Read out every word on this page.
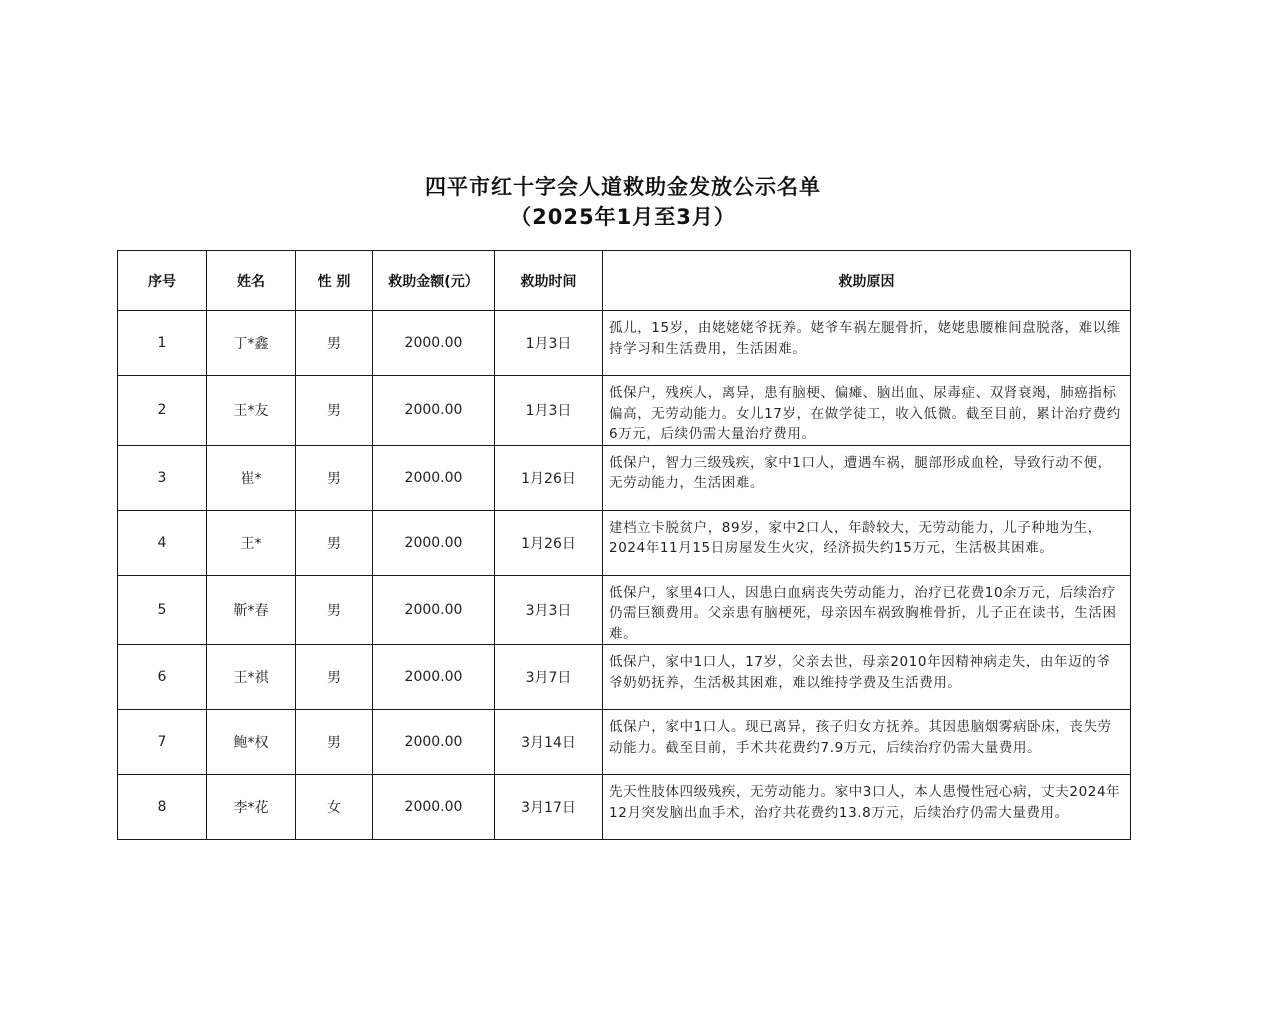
四平市红十字会人道救助金发放公示名单
（2025年1月至3月）
序号	姓名	性 别	救助金额(元）	救助时间	救助原因
1	丁*鑫	男	2000.00	1月3日	孤儿，15岁，由姥姥姥爷抚养。姥爷车祸左腿骨折，姥姥患腰椎间盘脱落，难以维持学习和生活费用，生活困难。
2	王*友	男	2000.00	1月3日	低保户，残疾人，离异，患有脑梗、偏瘫、脑出血、尿毒症、双肾衰竭，肺癌指标偏高，无劳动能力。女儿17岁，在做学徒工，收入低微。截至目前，累计治疗费约6万元，后续仍需大量治疗费用。
3	崔*	男	2000.00	1月26日	低保户，智力三级残疾，家中1口人，遭遇车祸，腿部形成血栓，导致行动不便，无劳动能力，生活困难。
4	王*	男	2000.00	1月26日	建档立卡脱贫户，89岁，家中2口人，年龄较大，无劳动能力，儿子种地为生，2024年11月15日房屋发生火灾，经济损失约15万元，生活极其困难。
5	靳*春	男	2000.00	3月3日	低保户，家里4口人，因患白血病丧失劳动能力，治疗已花费10余万元，后续治疗仍需巨额费用。父亲患有脑梗死，母亲因车祸致胸椎骨折，儿子正在读书，生活困难。
6	王*祺	男	2000.00	3月7日	低保户，家中1口人，17岁，父亲去世，母亲2010年因精神病走失，由年迈的爷爷奶奶抚养，生活极其困难，难以维持学费及生活费用。
7	鲍*权	男	2000.00	3月14日	低保户，家中1口人。现已离异，孩子归女方抚养。其因患脑烟雾病卧床，丧失劳动能力。截至目前，手术共花费约7.9万元，后续治疗仍需大量费用。
8	李*花	女	2000.00	3月17日	先天性肢体四级残疾，无劳动能力。家中3口人，本人患慢性冠心病，丈夫2024年12月突发脑出血手术，治疗共花费约13.8万元，后续治疗仍需大量费用。
